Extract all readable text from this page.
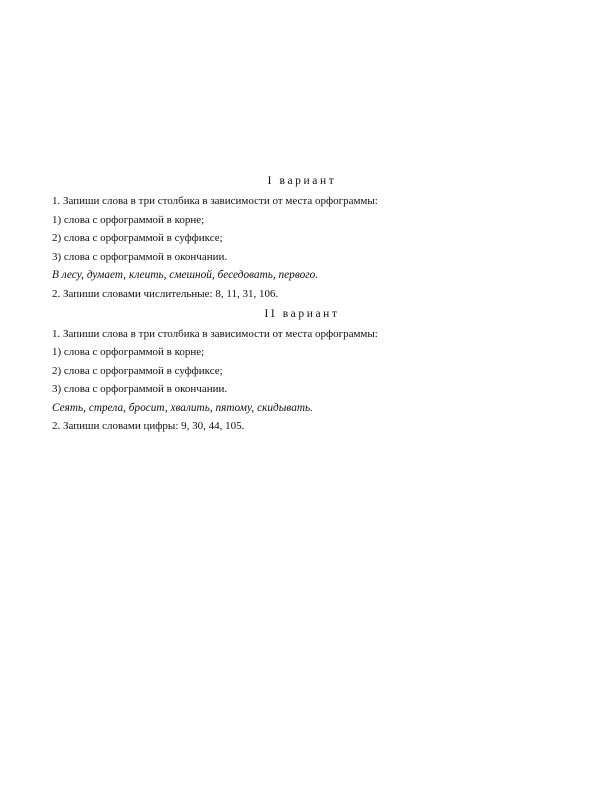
I вариант
1. Запиши слова в три столбика в зависимости от места орфограммы:
1) слова с орфограммой в корне;
2) слова с орфограммой в суффиксе;
3) слова с орфограммой в окончании.
В лесу, думает, клеить, смешной, беседовать, первого.
2. Запиши словами числительные: 8, 11, 31, 106.
II вариант
1. Запиши слова в три столбика в зависимости от места орфограммы:
1) слова с орфограммой в корне;
2) слова с орфограммой в суффиксе;
3) слова с орфограммой в окончании.
Сеять, стрела, бросит, хвалить, пятому, скидывать.
2. Запиши словами цифры: 9, 30, 44, 105.
